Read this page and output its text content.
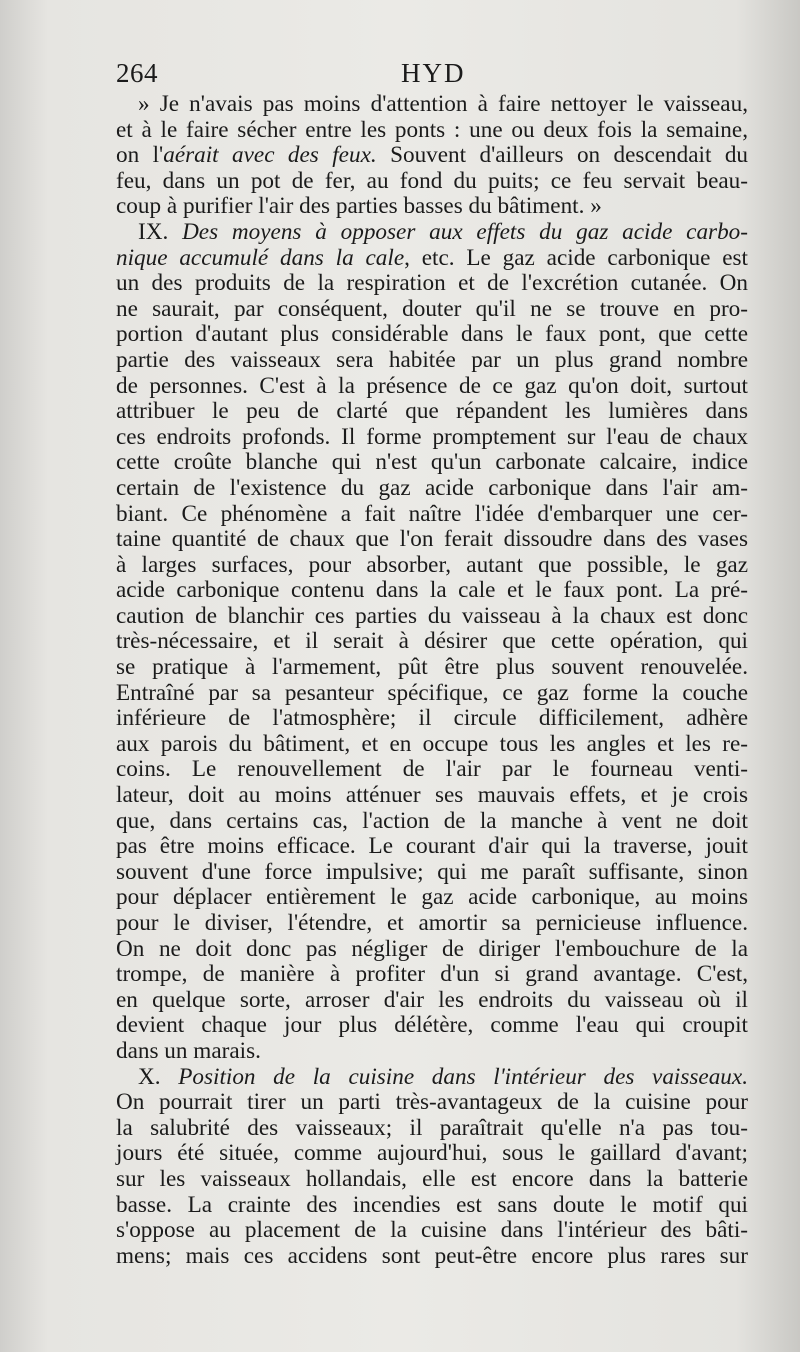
264	HYD
» Je n'avais pas moins d'attention à faire nettoyer le vaisseau,
et à le faire sécher entre les ponts : une ou deux fois la semaine,
on l'aérait avec des feux. Souvent d'ailleurs on descendait du
feu, dans un pot de fer, au fond du puits; ce feu servait beau-
coup à purifier l'air des parties basses du bâtiment. »
IX. Des moyens à opposer aux effets du gaz acide carbo-
nique accumulé dans la cale, etc. Le gaz acide carbonique est
un des produits de la respiration et de l'excrétion cutanée. On
ne saurait, par conséquent, douter qu'il ne se trouve en pro-
portion d'autant plus considérable dans le faux pont, que cette
partie des vaisseaux sera habitée par un plus grand nombre
de personnes. C'est à la présence de ce gaz qu'on doit, surtout
attribuer le peu de clarté que répandent les lumières dans
ces endroits profonds. Il forme promptement sur l'eau de chaux
cette croûte blanche qui n'est qu'un carbonate calcaire, indice
certain de l'existence du gaz acide carbonique dans l'air am-
biant. Ce phénomène a fait naître l'idée d'embarquer une cer-
taine quantité de chaux que l'on ferait dissoudre dans des vases
à larges surfaces, pour absorber, autant que possible, le gaz
acide carbonique contenu dans la cale et le faux pont. La pré-
caution de blanchir ces parties du vaisseau à la chaux est donc
très-nécessaire, et il serait à désirer que cette opération, qui
se pratique à l'armement, pût être plus souvent renouvelée.
Entraîné par sa pesanteur spécifique, ce gaz forme la couche
inférieure de l'atmosphère; il circule difficilement, adhère
aux parois du bâtiment, et en occupe tous les angles et les re-
coins. Le renouvellement de l'air par le fourneau venti-
lateur, doit au moins atténuer ses mauvais effets, et je crois
que, dans certains cas, l'action de la manche à vent ne doit
pas être moins efficace. Le courant d'air qui la traverse, jouit
souvent d'une force impulsive; qui me paraît suffisante, sinon
pour déplacer entièrement le gaz acide carbonique, au moins
pour le diviser, l'étendre, et amortir sa pernicieuse influence.
On ne doit donc pas négliger de diriger l'embouchure de la
trompe, de manière à profiter d'un si grand avantage. C'est,
en quelque sorte, arroser d'air les endroits du vaisseau où il
devient chaque jour plus délétère, comme l'eau qui croupit
dans un marais.
X. Position de la cuisine dans l'intérieur des vaisseaux.
On pourrait tirer un parti très-avantageux de la cuisine pour
la salubrité des vaisseaux; il paraîtrait qu'elle n'a pas tou-
jours été située, comme aujourd'hui, sous le gaillard d'avant;
sur les vaisseaux hollandais, elle est encore dans la batterie
basse. La crainte des incendies est sans doute le motif qui
s'oppose au placement de la cuisine dans l'intérieur des bâti-
mens; mais ces accidens sont peut-être encore plus rares sur
